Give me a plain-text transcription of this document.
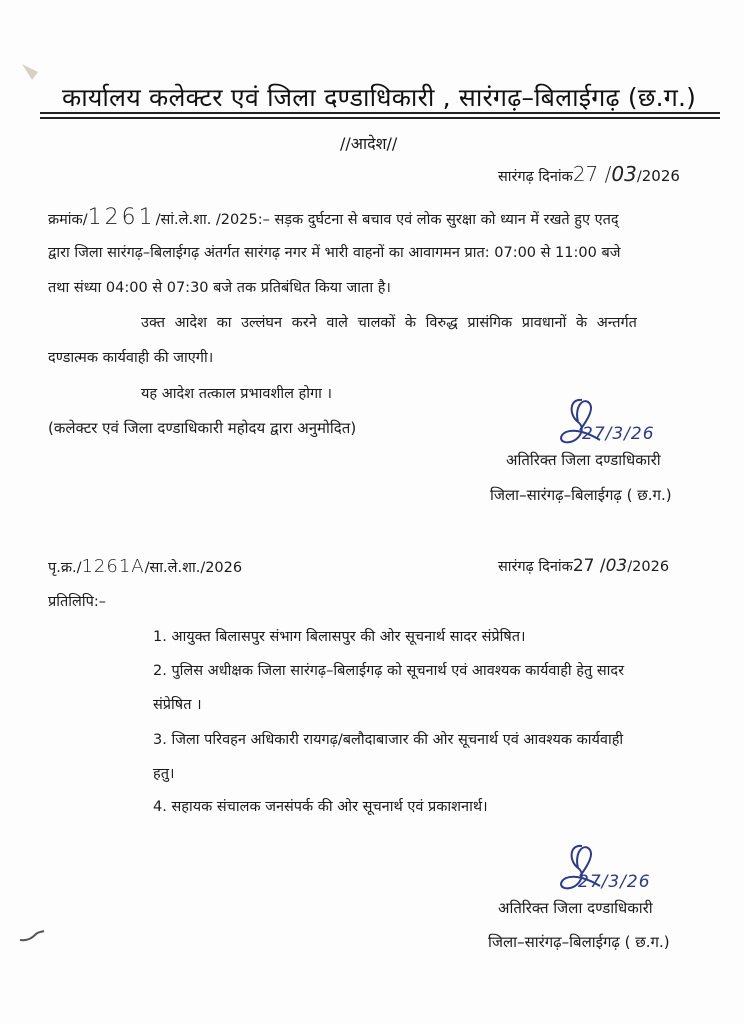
कार्यालय कलेक्टर एवं जिला दण्डाधिकारी , सारंगढ़–बिलाईगढ़ (छ.ग.)
//आदेश//
सारंगढ़ दिनांक27 /03/2026
क्रमांक/1261/सां.ले.शा. /2025:– सड़क दुर्घटना से बचाव एवं लोक सुरक्षा को ध्यान में रखते हुए एतद्
द्वारा जिला सारंगढ़–बिलाईगढ़ अंतर्गत सारंगढ़ नगर में भारी वाहनों का आवागमन प्रात: 07:00 से 11:00 बजे
तथा संध्या 04:00 से 07:30 बजे तक प्रतिबंधित किया जाता है।
उक्त आदेश का उल्लंघन करने वाले चालकों के विरुद्ध प्रासंगिक प्रावधानों के अन्तर्गत
दण्डात्मक कार्यवाही की जाएगी।
यह आदेश तत्काल प्रभावशील होगा ।
(कलेक्टर एवं जिला दण्डाधिकारी महोदय द्वारा अनुमोदित)	27/3/26
अतिरिक्त जिला दण्डाधिकारी
जिला–सारंगढ़–बिलाईगढ़ ( छ.ग.)
पृ.क्र./1261A/सा.ले.शा./2026	सारंगढ़ दिनांक27 /03/2026
प्रतिलिपि:–
1. आयुक्त बिलासपुर संभाग बिलासपुर की ओर सूचनार्थ सादर संप्रेषित।
2. पुलिस अधीक्षक जिला सारंगढ़–बिलाईगढ़ को सूचनार्थ एवं आवश्यक कार्यवाही हेतु सादर
संप्रेषित ।
3. जिला परिवहन अधिकारी रायगढ़/बलौदाबाजार की ओर सूचनार्थ एवं आवश्यक कार्यवाही
हतु।
4. सहायक संचालक जनसंपर्क की ओर सूचनार्थ एवं प्रकाशनार्थ।
27/3/26
अतिरिक्त जिला दण्डाधिकारी
जिला–सारंगढ़–बिलाईगढ़ ( छ.ग.)
